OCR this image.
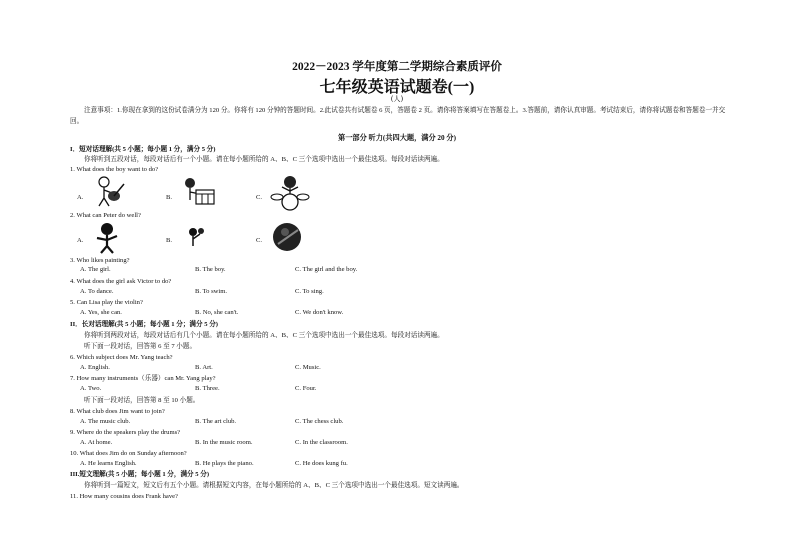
2022－2023 学年度第二学期综合素质评价
七年级英语试题卷(一)
(人)
注意事项：1.你现在拿到的这份试卷满分为 120 分。你将有 120 分钟的答题时间。2.此试卷共有试题卷 6 页，答题卷 2 页。请你将答案填写在答题卷上。3.答题前，请你认真审题。考试结束后，请你将试题卷和答题卷一并交回。
第一部分 听力(共四大题，满分 20 分)
I．短对话理解(共 5 小题；每小题 1 分，满分 5 分)
你将听到五段对话，每段对话后有一个小题。请在每小题所给的 A、B、C 三个选项中选出一个最佳选项。每段对话读两遍。
1. What does the boy want to do?
A.	B.	C.
2. What can Peter do well?
A.	B.	C.
3. Who likes painting?
A. The girl.	B. The boy.	C. The girl and the boy.
4. What does the girl ask Victor to do?
A. To dance.	B. To swim.	C. To sing.
5. Can Lisa play the violin?
A. Yes, she can.	B. No, she can't.	C. We don't know.
II．长对话理解(共 5 小题；每小题 1 分；满分 5 分)
你将听到两段对话，每段对话后有几个小题。请在每小题所给的 A、B、C 三个选项中选出一个最佳选项。每段对话读两遍。
听下面一段对话，回答第 6 至 7 小题。
6. Which subject does Mr. Yang teach?
A. English.	B. Art.	C. Music.
7. How many instruments（乐器）can Mr. Yang play?
A. Two.	B. Three.	C. Four.
听下面一段对话，回答第 8 至 10 小题。
8. What club does Jim want to join?
A. The music club.	B. The art club.	C. The chess club.
9. Where do the speakers play the drums?
A. At home.	B. In the music room.	C. In the classroom.
10. What does Jim do on Sunday afternoon?
A. He learns English.	B. He plays the piano.	C. He does kung fu.
III.短文理解(共 5 小题；每小题 1 分，满分 5 分)
你将听到一篇短文，短文后有五个小题。请根据短文内容，在每小题所给的 A、B、C 三个选项中选出一个最佳选项。短文读两遍。
11. How many cousins does Frank have?
